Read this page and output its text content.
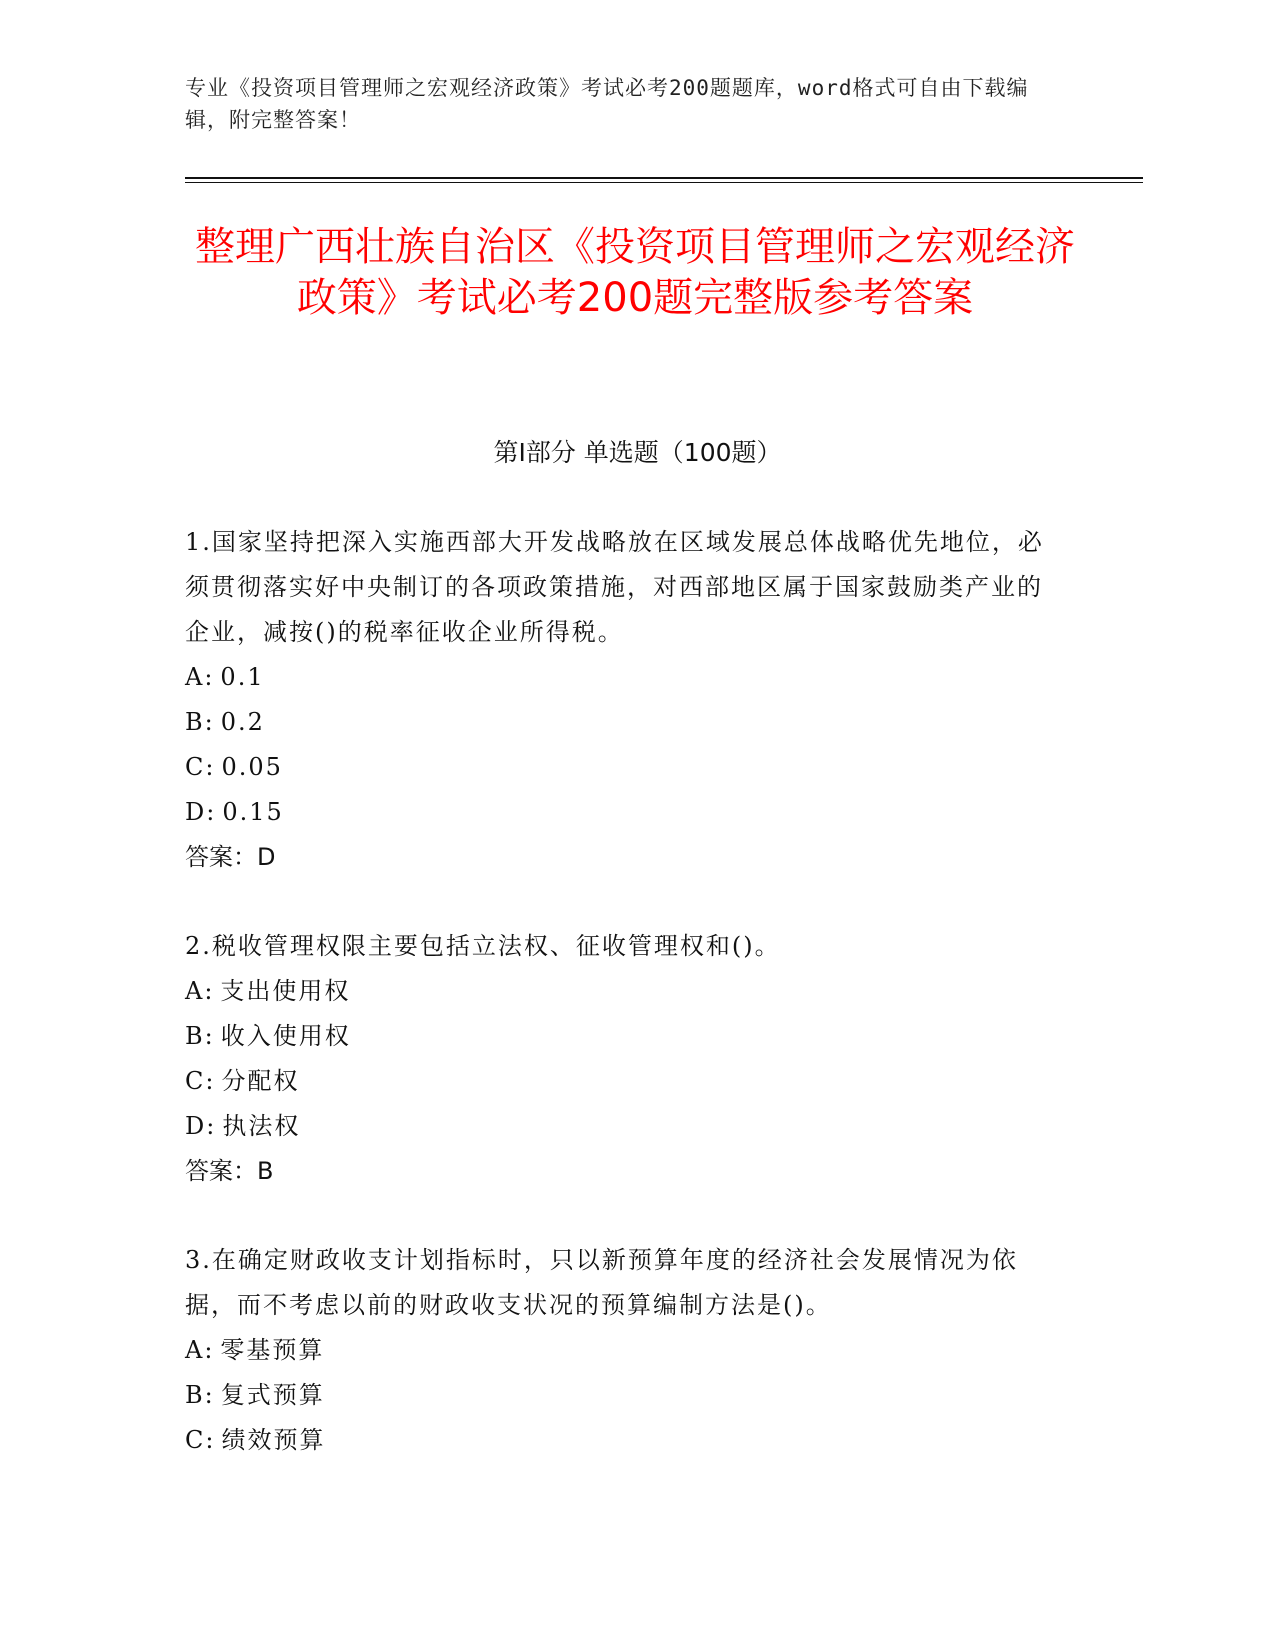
专业《投资项目管理师之宏观经济政策》考试必考200题题库，word格式可自由下载编辑，附完整答案！
整理广西壮族自治区《投资项目管理师之宏观经济政策》考试必考200题完整版参考答案
第I部分 单选题（100题）
1.国家坚持把深入实施西部大开发战略放在区域发展总体战略优先地位，必须贯彻落实好中央制订的各项政策措施，对西部地区属于国家鼓励类产业的企业，减按()的税率征收企业所得税。
A: 0.1
B: 0.2
C: 0.05
D: 0.15
答案：D
2.税收管理权限主要包括立法权、征收管理权和()。
A: 支出使用权
B: 收入使用权
C: 分配权
D: 执法权
答案：B
3.在确定财政收支计划指标时，只以新预算年度的经济社会发展情况为依据，而不考虑以前的财政收支状况的预算编制方法是()。
A: 零基预算
B: 复式预算
C: 绩效预算
